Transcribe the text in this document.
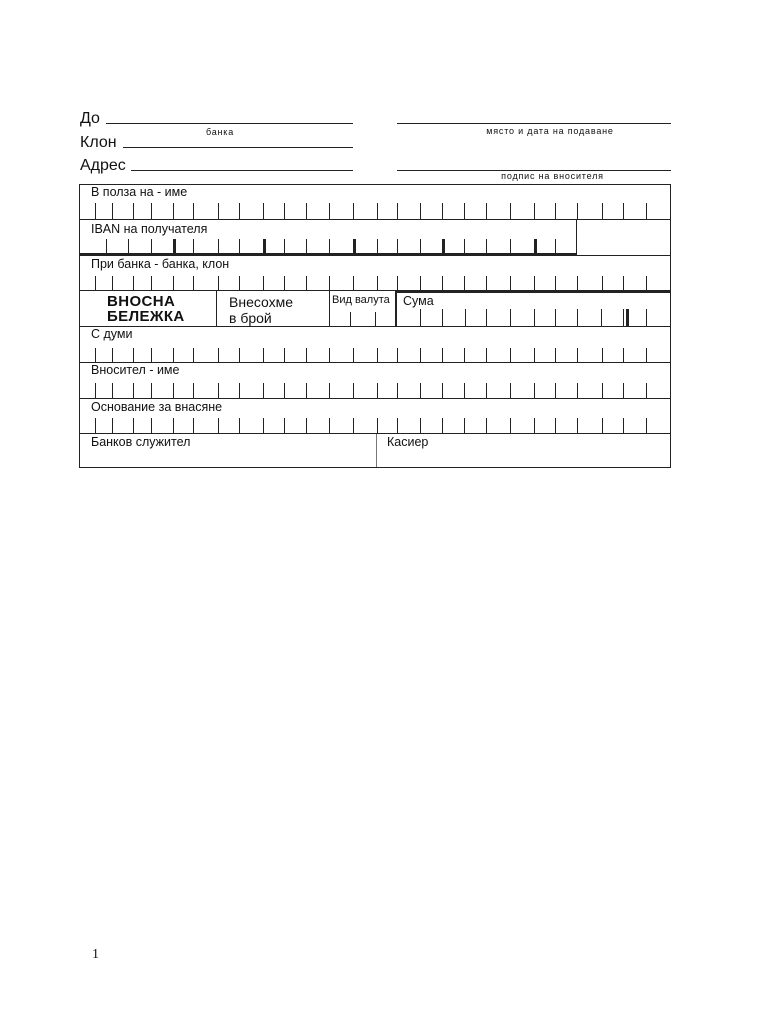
До
банка
Клон
Адрес
място и дата на подаване
подпис на вносителя
В полза на - име
IBAN на получателя
При банка - банка, клон
ВНОСНА
БЕЛЕЖКА
Внесохме
в брой
Вид валута Сума
С думи
Вносител - име
Основание за внасяне
Банков служител	Касиер
1
